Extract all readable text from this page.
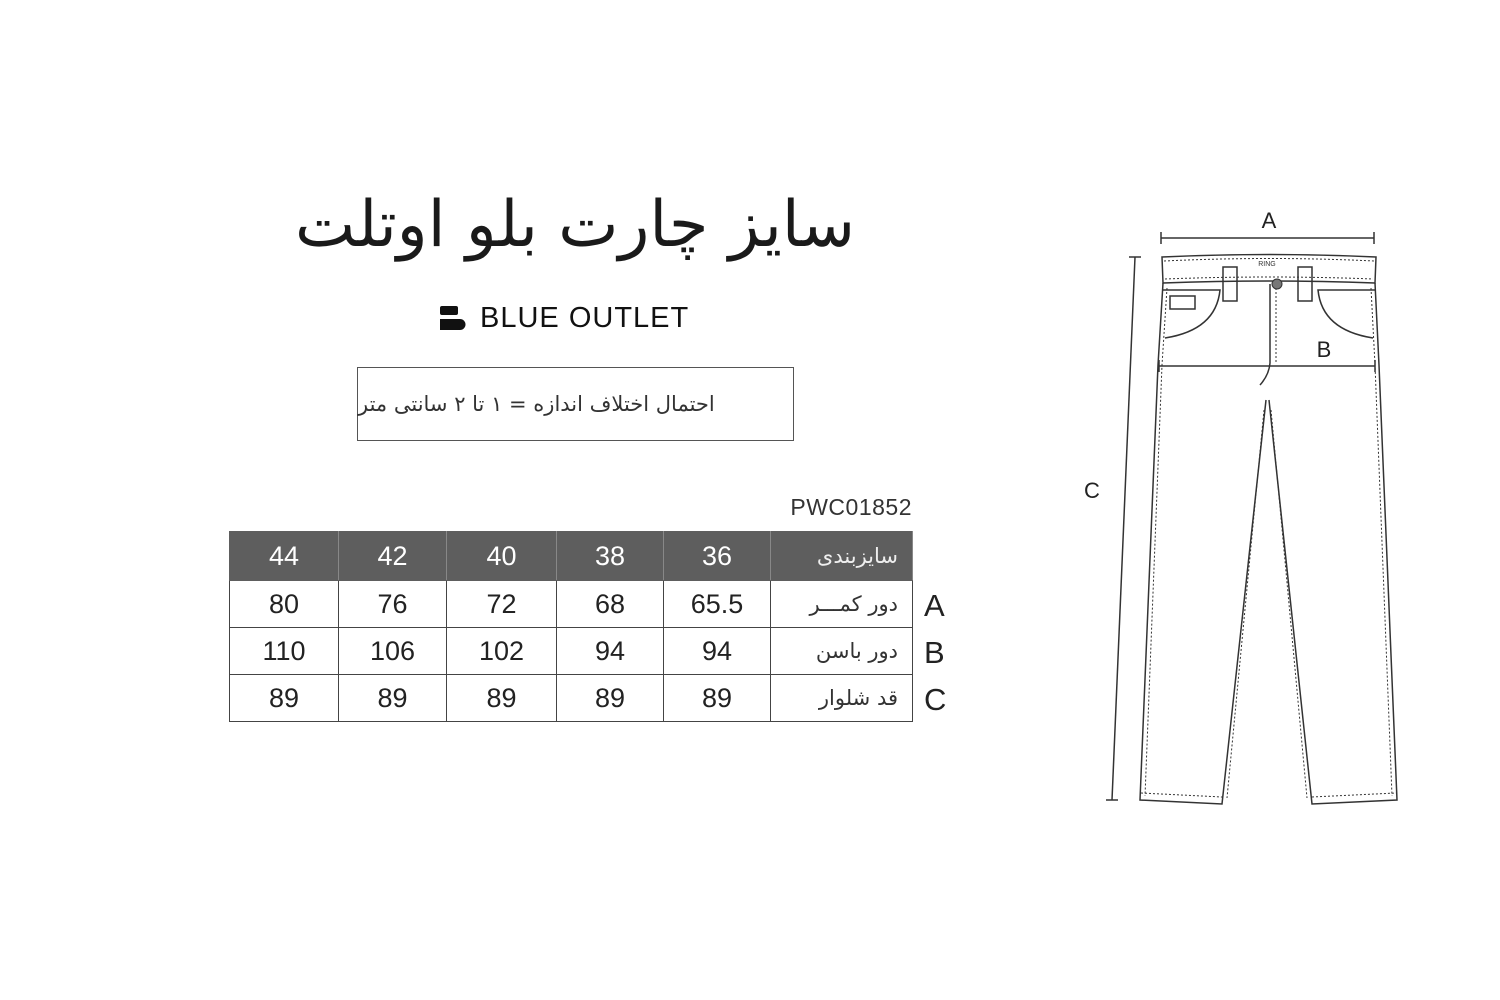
سایز چارت بلو اوتلت
BLUE OUTLET
احتمال اختلاف اندازه = ۱ تا ۲ سانتی متر
PWC01852
44	42	40	38	36	سایزبندی
80	76	72	68	65.5	دور کمـــر
110	106	102	94	94	دور باسن
89	89	89	89	89	قد شلوار
A
B
C
A
C
RING
B
